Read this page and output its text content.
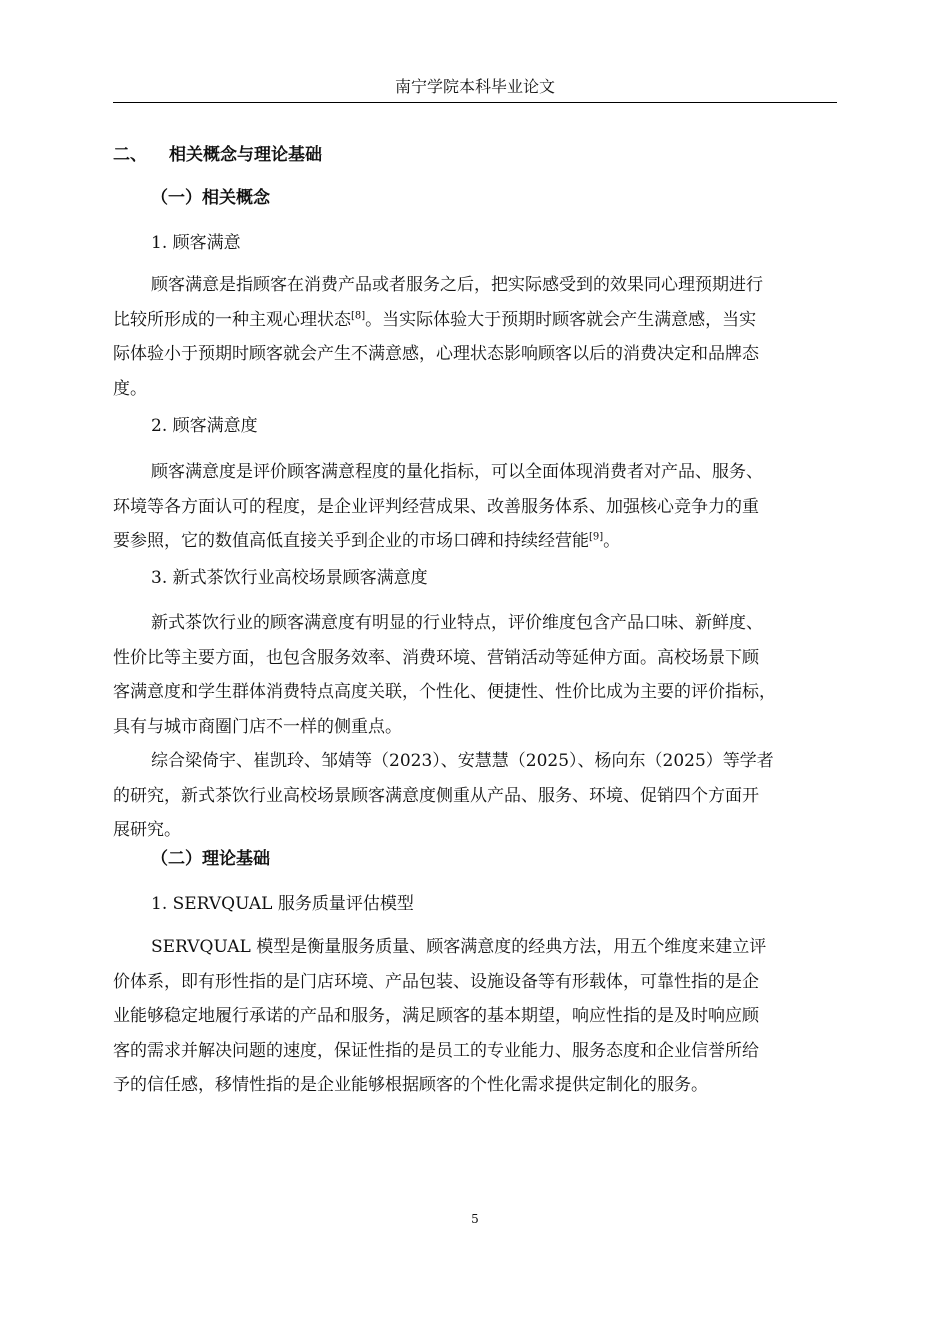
南宁学院本科毕业论文
二、 相关概念与理论基础
（一）相关概念
1. 顾客满意
顾客满意是指顾客在消费产品或者服务之后，把实际感受到的效果同心理预期进行
比较所形成的一种主观心理状态[8]。当实际体验大于预期时顾客就会产生满意感，当实
际体验小于预期时顾客就会产生不满意感，心理状态影响顾客以后的消费决定和品牌态
度。
2. 顾客满意度
顾客满意度是评价顾客满意程度的量化指标，可以全面体现消费者对产品、服务、
环境等各方面认可的程度，是企业评判经营成果、改善服务体系、加强核心竞争力的重
要参照，它的数值高低直接关乎到企业的市场口碑和持续经营能[9]。
3. 新式茶饮行业高校场景顾客满意度
新式茶饮行业的顾客满意度有明显的行业特点，评价维度包含产品口味、新鲜度、
性价比等主要方面，也包含服务效率、消费环境、营销活动等延伸方面。高校场景下顾
客满意度和学生群体消费特点高度关联，个性化、便捷性、性价比成为主要的评价指标，
具有与城市商圈门店不一样的侧重点。
综合梁倚宇、崔凯玲、邹婧等（2023）、安慧慧（2025）、杨向东（2025）等学者
的研究，新式茶饮行业高校场景顾客满意度侧重从产品、服务、环境、促销四个方面开
展研究。
（二）理论基础
1. SERVQUAL 服务质量评估模型
SERVQUAL 模型是衡量服务质量、顾客满意度的经典方法，用五个维度来建立评
价体系，即有形性指的是门店环境、产品包装、设施设备等有形载体，可靠性指的是企
业能够稳定地履行承诺的产品和服务，满足顾客的基本期望，响应性指的是及时响应顾
客的需求并解决问题的速度，保证性指的是员工的专业能力、服务态度和企业信誉所给
予的信任感，移情性指的是企业能够根据顾客的个性化需求提供定制化的服务。
5
